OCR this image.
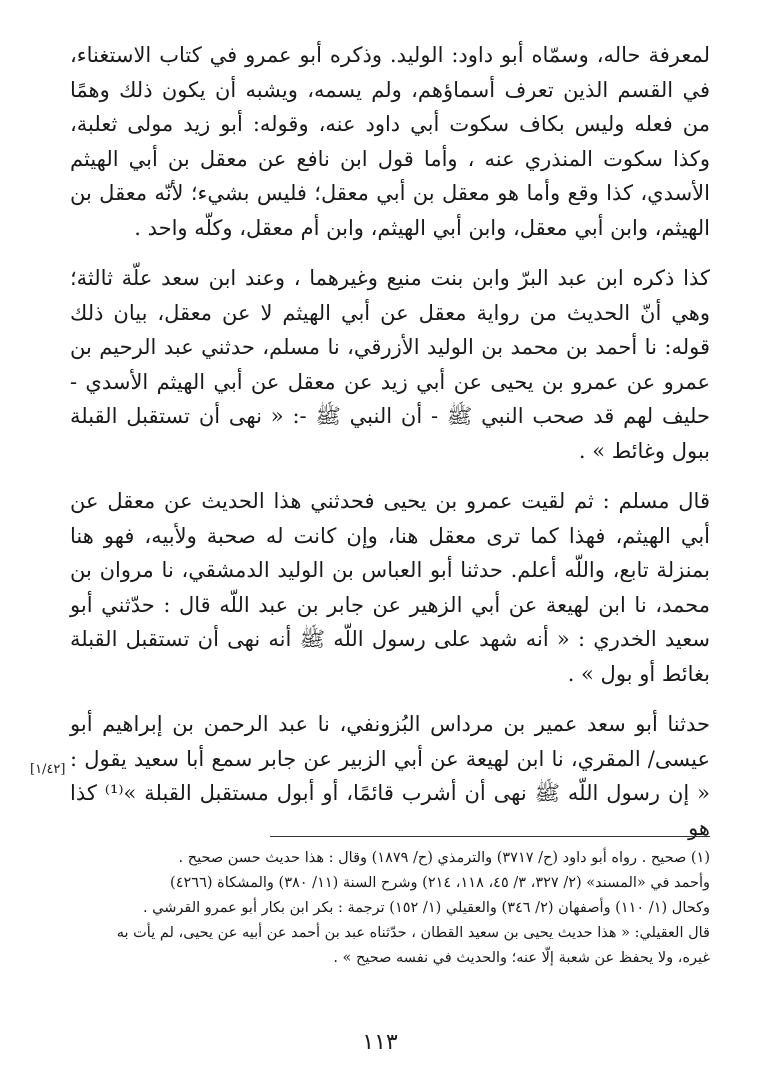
لمعرفة حاله، وسمّاه أبو داود: الوليد. وذكره أبو عمرو في كتاب الاستغناء، في القسم الذين تعرف أسماؤهم، ولم يسمه، ويشبه أن يكون ذلك وهمًا من فعله وليس بكاف سكوت أبي داود عنه، وقوله: أبو زيد مولى ثعلبة، وكذا سكوت المنذري عنه ، وأما قول ابن نافع عن معقل بن أبي الهيثم الأسدي، كذا وقع وأما هو معقل بن أبي معقل؛ فليس بشيء؛ لأنّه معقل بن الهيثم، وابن أبي معقل، وابن أبي الهيثم، وابن أم معقل، وكلّه واحد .

كذا ذكره ابن عبد البرّ وابن بنت منيع وغيرهما ، وعند ابن سعد علّة ثالثة؛ وهي أنّ الحديث من رواية معقل عن أبي الهيثم لا عن معقل، بيان ذلك قوله: نا أحمد بن محمد بن الوليد الأزرقي، نا مسلم، حدثني عبد الرحيم بن عمرو عن عمرو بن يحيى عن أبي زيد عن معقل عن أبي الهيثم الأسدي - حليف لهم قد صحب النبي ﷺ - أن النبي ﷺ -: « نهى أن تستقبل القبلة ببول وغائط » .

قال مسلم : ثم لقيت عمرو بن يحيى فحدثني هذا الحديث عن معقل عن أبي الهيثم، فهذا كما ترى معقل هنا، وإن كانت له صحبة ولأبيه، فهو هنا بمنزلة تابع، واللّه أعلم. حدثنا أبو العباس بن الوليد الدمشقي، نا مروان بن محمد، نا ابن لهيعة عن أبي الزهير عن جابر بن عبد اللّه قال : حدّثني أبو سعيد الخدري : « أنه شهد على رسول اللّه ﷺ أنه نهى أن تستقبل القبلة بغائط أو بول » .

حدثنا أبو سعد عمير بن مرداس البُزونفي، نا عبد الرحمن بن إبراهيم أبو عيسى/ المقري، نا ابن لهيعة عن أبي الزبير عن جابر سمع أبا سعيد يقول : « إن رسول اللّه ﷺ نهى أن أشرب قائمًا، أو أبول مستقبل القبلة »⁽¹⁾ كذا هو

[١/٤٢]

(١) صحيح . رواه أبو داود (ح/ ٣٧١٧) والترمذي (ح/ ١٨٧٩) وقال : هذا حديث حسن صحيح .

وأحمد في «المسند» (٢/ ٣٢٧، ٣/ ٤٥، ١١٨، ٢١٤) وشرح السنة (١١/ ٣٨٠) والمشكاة (٤٢٦٦)

وكحال (١/ ١١٠) وأصفهان (٢/ ٣٤٦) والعقيلي (١/ ١٥٢) ترجمة : بكر ابن بكار أبو عمرو القرشي .

قال العقيلي: « هذا حديث يحيى بن سعيد القطان ، حدّثناه عبد بن أحمد عن أبيه عن يحيى، لم يأت به

غيره، ولا يحفظ عن شعبة إلّا عنه؛ والحديث في نفسه صحيح » .

١١٣
